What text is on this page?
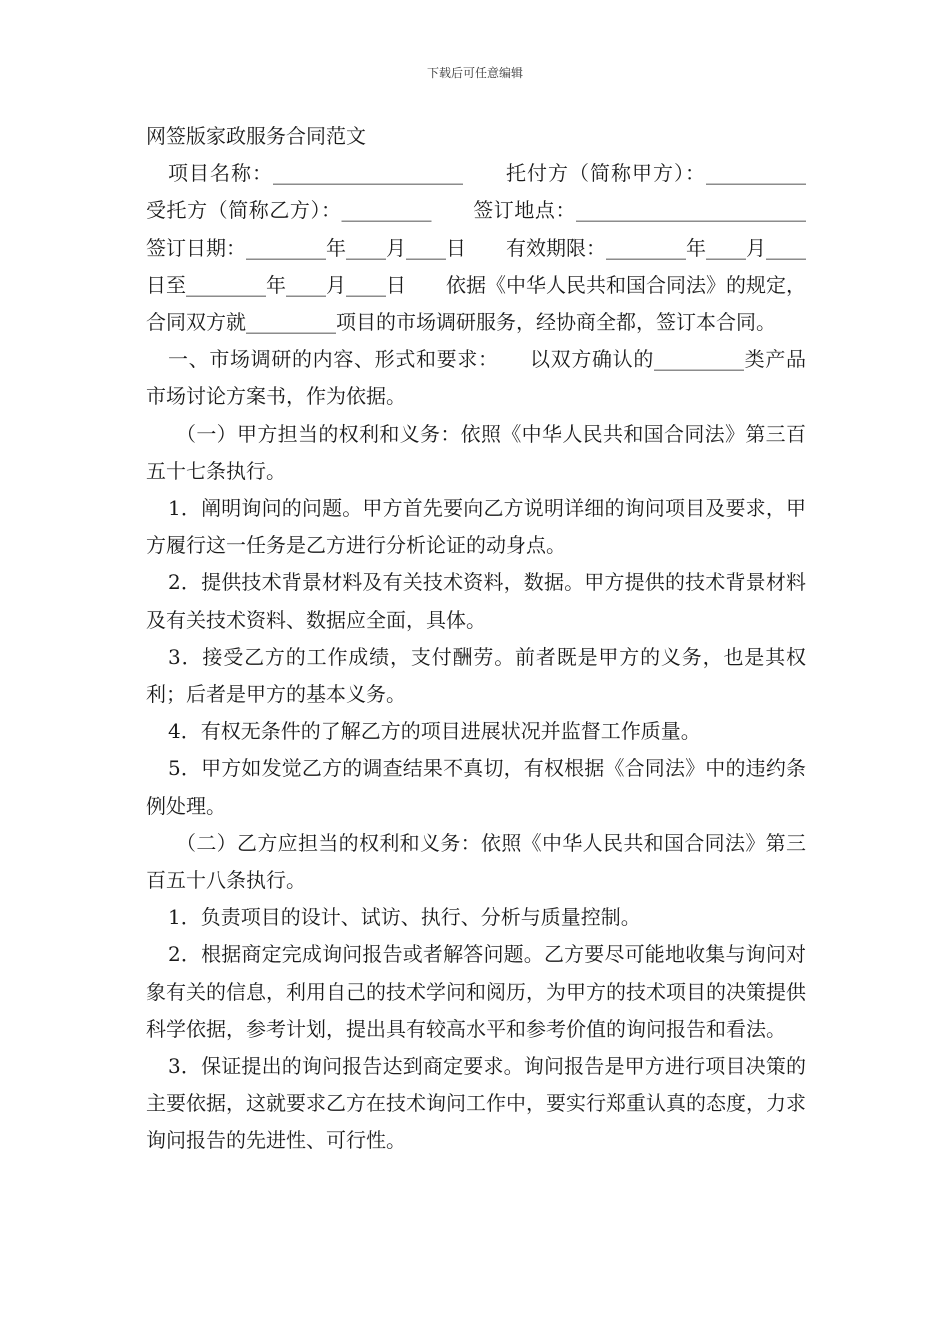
下载后可任意编辑

网签版家政服务合同范文

项目名称：___________________　　托付方（简称甲方）：__________　受托方（简称乙方）：_________　　签订地点：_______________________　　签订日期：________年____月____日　　有效期限：________年____月____日至________年____月____日　　依据《中华人民共和国合同法》的规定，合同双方就_________项目的市场调研服务，经协商全都，签订本合同。

一、市场调研的内容、形式和要求：　　以双方确认的_________类产品市场讨论方案书，作为依据。

（一）甲方担当的权利和义务：依照《中华人民共和国合同法》第三百五十七条执行。

1．阐明询问的问题。甲方首先要向乙方说明详细的询问项目及要求，甲方履行这一任务是乙方进行分析论证的动身点。

2．提供技术背景材料及有关技术资料，数据。甲方提供的技术背景材料及有关技术资料、数据应全面，具体。

3．接受乙方的工作成绩，支付酬劳。前者既是甲方的义务，也是其权利；后者是甲方的基本义务。

4．有权无条件的了解乙方的项目进展状况并监督工作质量。

5．甲方如发觉乙方的调查结果不真切，有权根据《合同法》中的违约条例处理。

（二）乙方应担当的权利和义务：依照《中华人民共和国合同法》第三百五十八条执行。

1．负责项目的设计、试访、执行、分析与质量控制。

2．根据商定完成询问报告或者解答问题。乙方要尽可能地收集与询问对象有关的信息，利用自己的技术学问和阅历，为甲方的技术项目的决策提供科学依据，参考计划，提出具有较高水平和参考价值的询问报告和看法。

3．保证提出的询问报告达到商定要求。询问报告是甲方进行项目决策的主要依据，这就要求乙方在技术询问工作中，要实行郑重认真的态度，力求询问报告的先进性、可行性。
